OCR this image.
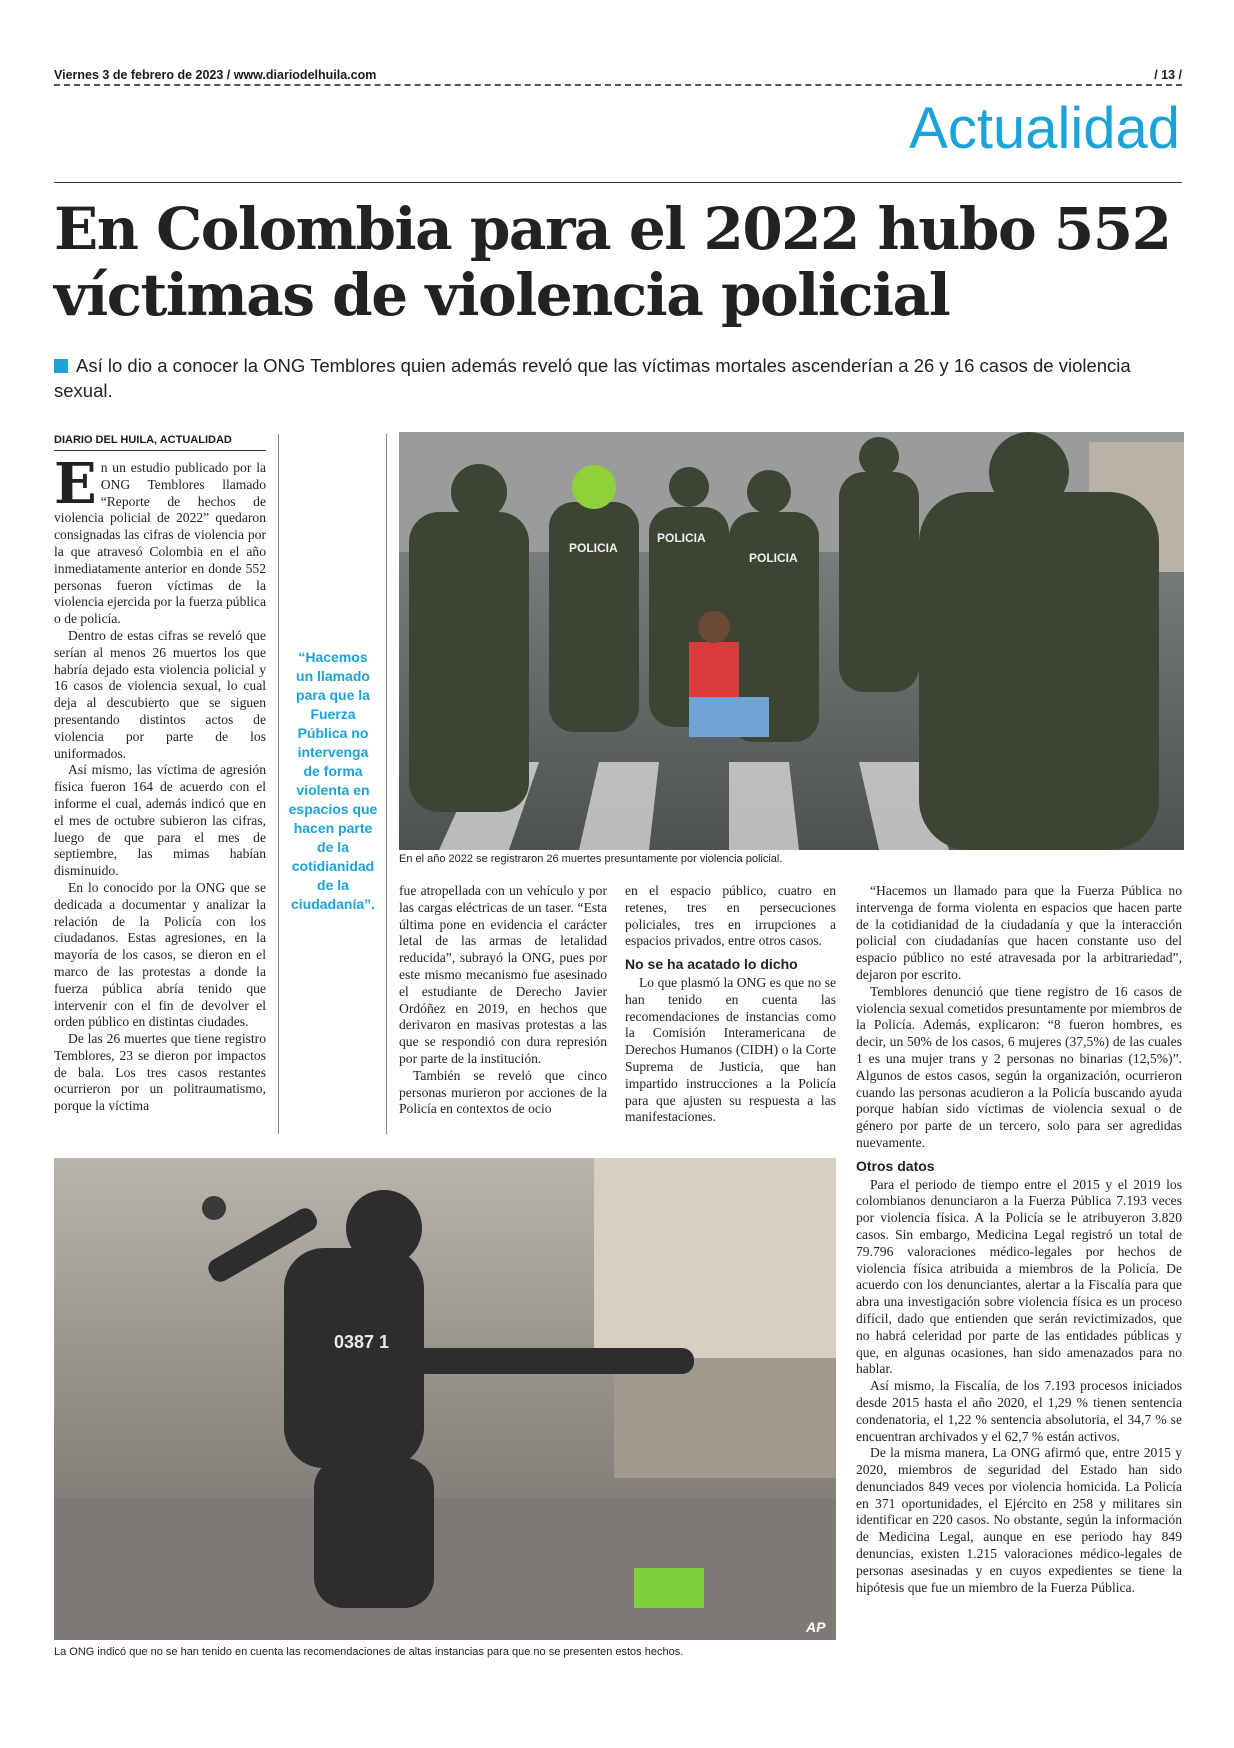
Viernes 3 de febrero de 2023 / www.diariodelhuila.com	/ 13 /
Actualidad
En Colombia para el 2022 hubo 552 víctimas de violencia policial

Así lo dio a conocer la ONG Temblores quien además reveló que las víctimas mortales ascenderían a 26 y 16 casos de violencia sexual.

DIARIO DEL HUILA, ACTUALIDAD

En un estudio publicado por la ONG Temblores llamado “Reporte de hechos de violencia policial de 2022” quedaron consignadas las cifras de violencia por la que atravesó Colombia en el año inmediatamente anterior en donde 552 personas fueron víctimas de la violencia ejercida por la fuerza pública o de policía.

Dentro de estas cifras se reveló que serían al menos 26 muertos los que habría dejado esta violencia policial y 16 casos de violencia sexual, lo cual deja al descubierto que se siguen presentando distintos actos de violencia por parte de los uniformados.

Así mismo, las víctima de agresión física fueron 164 de acuerdo con el informe el cual, además indicó que en el mes de octubre subieron las cifras, luego de que para el mes de septiembre, las mimas habían disminuido.

En lo conocido por la ONG que se dedicada a documentar y analizar la relación de la Policía con los ciudadanos. Estas agresiones, en la mayoría de los casos, se dieron en el marco de las protestas a donde la fuerza pública abría tenido que intervenir con el fin de devolver el orden público en distintas ciudades.

De las 26 muertes que tiene registro Temblores, 23 se dieron por impactos de bala. Los tres casos restantes ocurrieron por un politraumatismo, porque la víctima

“Hacemos un llamado para que la Fuerza Pública no intervenga de forma violenta en espacios que hacen parte de la cotidianidad de la ciudadanía”.
POLICIA
POLICIA
POLICIA
En el año 2022 se registraron 26 muertes presuntamente por violencia policial.

fue atropellada con un vehículo y por las cargas eléctricas de un taser. “Esta última pone en evidencia el carácter letal de las armas de letalidad reducida”, subrayó la ONG, pues por este mismo mecanismo fue asesinado el estudiante de Derecho Javier Ordóñez en 2019, en hechos que derivaron en masivas protestas a las que se respondió con dura represión por parte de la institución.

También se reveló que cinco personas murieron por acciones de la Policía en contextos de ocio

en el espacio público, cuatro en retenes, tres en persecuciones policiales, tres en irrupciones a espacios privados, entre otros casos.

No se ha acatado lo dicho

Lo que plasmó la ONG es que no se han tenido en cuenta las recomendaciones de instancias como la Comisión Interamericana de Derechos Humanos (CIDH) o la Corte Suprema de Justicia, que han impartido instrucciones a la Policía para que ajusten su respuesta a las manifestaciones.

“Hacemos un llamado para que la Fuerza Pública no intervenga de forma violenta en espacios que hacen parte de la cotidianidad de la ciudadanía y que la interacción policial con ciudadanías que hacen constante uso del espacio público no esté atravesada por la arbitrariedad”, dejaron por escrito.

Temblores denunció que tiene registro de 16 casos de violencia sexual cometidos presuntamente por miembros de la Policía. Además, explicaron: “8 fueron hombres, es decir, un 50% de los casos, 6 mujeres (37,5%) de las cuales 1 es una mujer trans y 2 personas no binarias (12,5%)”. Algunos de estos casos, según la organización, ocurrieron cuando las personas acudieron a la Policía buscando ayuda porque habían sido víctimas de violencia sexual o de género por parte de un tercero, solo para ser agredidas nuevamente.

Otros datos

Para el periodo de tiempo entre el 2015 y el 2019 los colombianos denunciaron a la Fuerza Pública 7.193 veces por violencia física. A la Policía se le atribuyeron 3.820 casos. Sin embargo, Medicina Legal registró un total de 79.796 valoraciones médico-legales por hechos de violencia física atribuida a miembros de la Policía. De acuerdo con los denunciantes, alertar a la Fiscalía para que abra una investigación sobre violencia física es un proceso difícil, dado que entienden que serán revictimizados, que no habrá celeridad por parte de las entidades públicas y que, en algunas ocasiones, han sido amenazados para no hablar.

Así mismo, la Fiscalía, de los 7.193 procesos iniciados desde 2015 hasta el año 2020, el 1,29 % tienen sentencia condenatoria, el 1,22 % sentencia absolutoria, el 34,7 % se encuentran archivados y el 62,7 % están activos.

De la misma manera, La ONG afirmó que, entre 2015 y 2020, miembros de seguridad del Estado han sido denunciados 849 veces por violencia homicida. La Policía en 371 oportunidades, el Ejército en 258 y militares sin identificar en 220 casos. No obstante, según la información de Medicina Legal, aunque en ese periodo hay 849 denuncias, existen 1.215 valoraciones médico-legales de personas asesinadas y en cuyos expedientes se tiene la hipótesis que fue un miembro de la Fuerza Pública.

0387 1
AP
La ONG indicó que no se han tenido en cuenta las recomendaciones de altas instancias para que no se presenten estos hechos.
